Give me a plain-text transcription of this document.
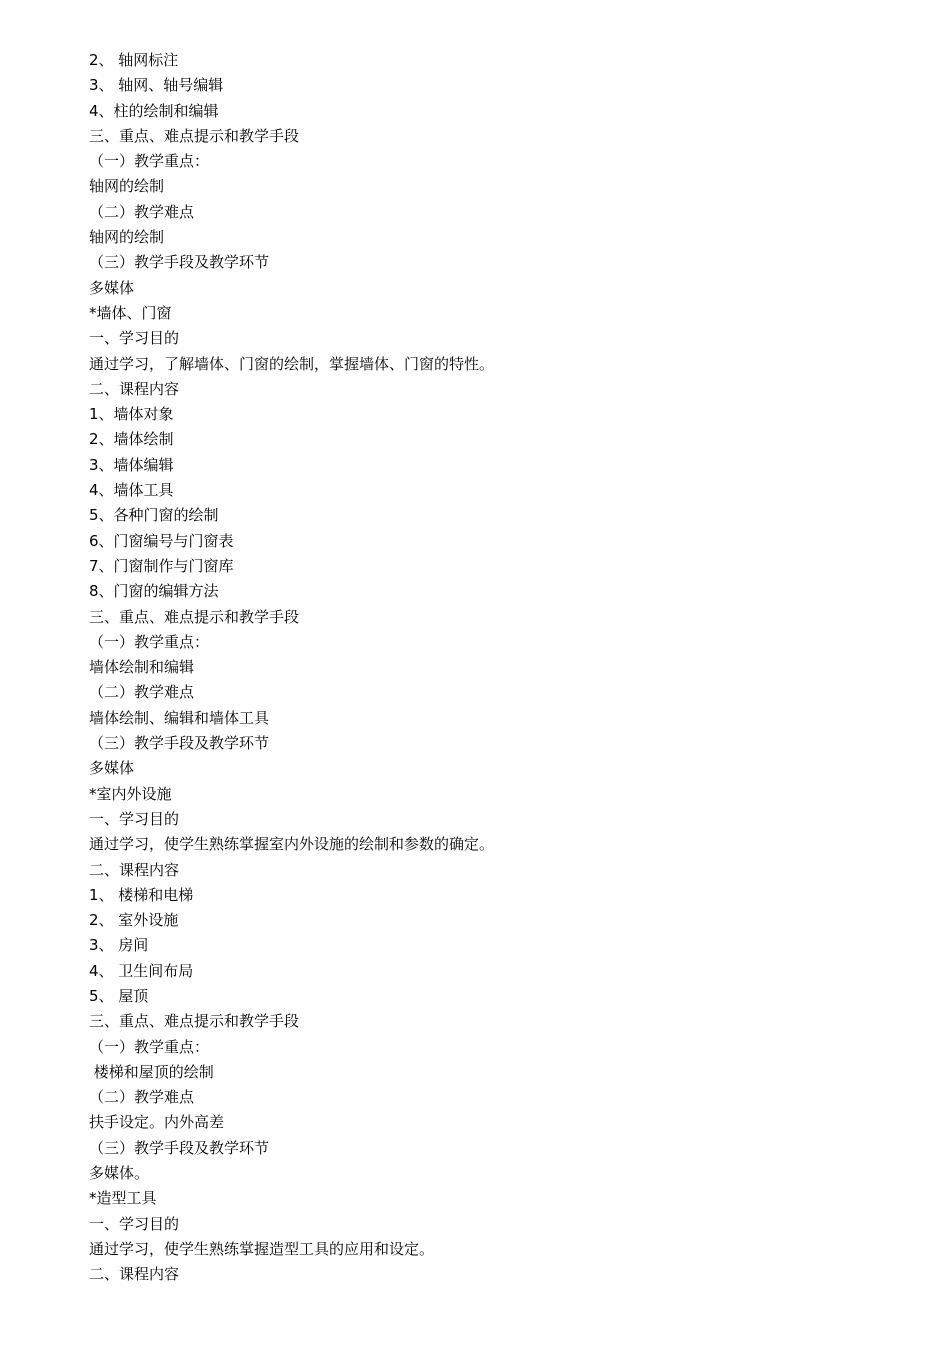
2、 轴网标注
3、 轴网、轴号编辑
4、柱的绘制和编辑
三、重点、难点提示和教学手段
（一）教学重点：
轴网的绘制
（二）教学难点
轴网的绘制
（三）教学手段及教学环节
多媒体
*墙体、门窗
一、学习目的
通过学习，了解墙体、门窗的绘制，掌握墙体、门窗的特性。
二、课程内容
1、墙体对象
2、墙体绘制
3、墙体编辑
4、墙体工具
5、各种门窗的绘制
6、门窗编号与门窗表
7、门窗制作与门窗库
8、门窗的编辑方法
三、重点、难点提示和教学手段
（一）教学重点：
墙体绘制和编辑
（二）教学难点
墙体绘制、编辑和墙体工具
（三）教学手段及教学环节
多媒体
*室内外设施
一、学习目的
通过学习，使学生熟练掌握室内外设施的绘制和参数的确定。
二、课程内容
1、 楼梯和电梯
2、 室外设施
3、 房间
4、 卫生间布局
5、 屋顶
三、重点、难点提示和教学手段
（一）教学重点：
楼梯和屋顶的绘制
（二）教学难点
扶手设定。内外高差
（三）教学手段及教学环节
多媒体。
*造型工具
一、学习目的
通过学习，使学生熟练掌握造型工具的应用和设定。
二、课程内容
